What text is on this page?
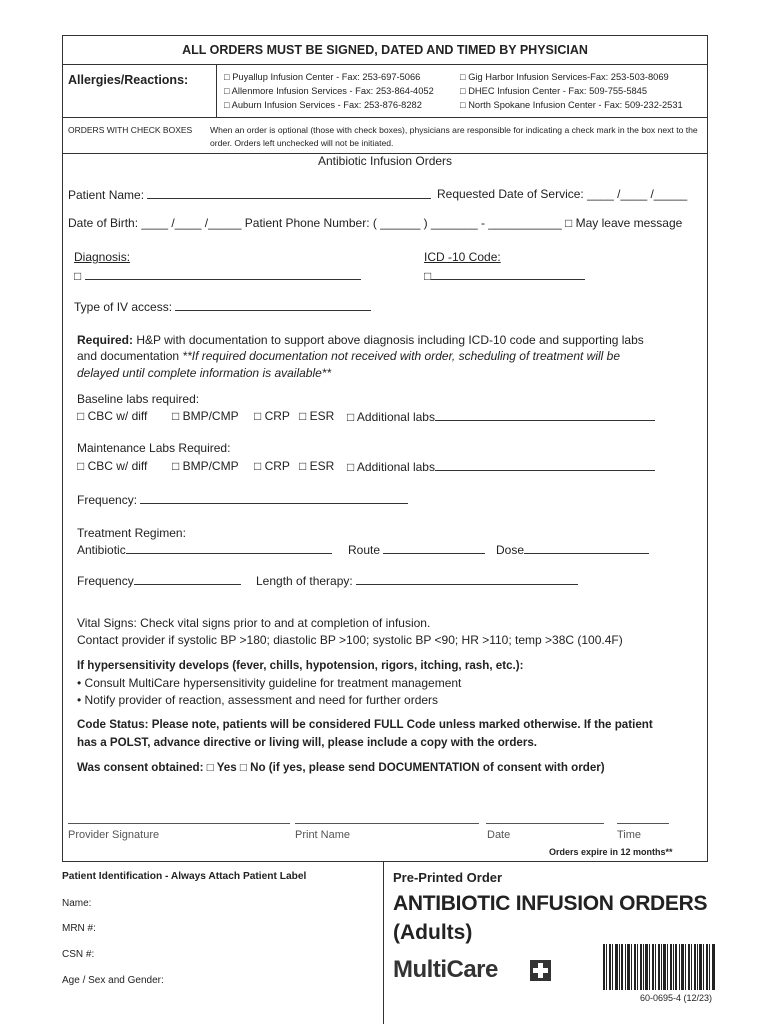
ALL ORDERS MUST BE SIGNED, DATED AND TIMED BY PHYSICIAN
Allergies/Reactions:	□ Puyallup Infusion Center - Fax: 253-697-5066
□ Allenmore Infusion Services - Fax: 253-864-4052
□ Auburn Infusion Services - Fax: 253-876-8282
□ Gig Harbor Infusion Services-Fax: 253-503-8069
□ DHEC Infusion Center - Fax: 509-755-5845
□ North Spokane Infusion Center - Fax: 509-232-2531
ORDERS WITH CHECK BOXES When an order is optional (those with check boxes), physicians are responsible for indicating a check mark in the box next to the order. Orders left unchecked will not be initiated.
Antibiotic Infusion Orders
Patient Name:	Requested Date of Service: ____ /____ /_____
Date of Birth: ____ /____ /_____ Patient Phone Number: ( ______ ) _______ - ___________ □ May leave message
Diagnosis:	ICD -10 Code:
□	□
Type of IV access:
Required: H&P with documentation to support above diagnosis including ICD-10 code and supporting labs
and documentation **If required documentation not received with order, scheduling of treatment will be
delayed until complete information is available**
Baseline labs required:
□ CBC w/ diff □ BMP/CMP □ CRP □ ESR □ Additional labs
Maintenance Labs Required:
□ CBC w/ diff □ BMP/CMP □ CRP □ ESR □ Additional labs
Frequency:
Treatment Regimen:
Antibiotic	Route	Dose
Frequency	Length of therapy:
Vital Signs: Check vital signs prior to and at completion of infusion.
Contact provider if systolic BP >180; diastolic BP >100; systolic BP <90; HR >110; temp >38C (100.4F)
If hypersensitivity develops (fever, chills, hypotension, rigors, itching, rash, etc.):
• Consult MultiCare hypersensitivity guideline for treatment management
• Notify provider of reaction, assessment and need for further orders
Code Status: Please note, patients will be considered FULL Code unless marked otherwise. If the patient
has a POLST, advance directive or living will, please include a copy with the orders.
Was consent obtained: □ Yes □ No (if yes, please send DOCUMENTATION of consent with order)
Provider Signature	Print Name	Date	Time
Orders expire in 12 months**
Patient Identification - Always Attach Patient Label
Name:
MRN #:
CSN #:
Age / Sex and Gender:
Pre-Printed Order
ANTIBIOTIC INFUSION ORDERS
(Adults)
MultiCare
60-0695-4 (12/23)
